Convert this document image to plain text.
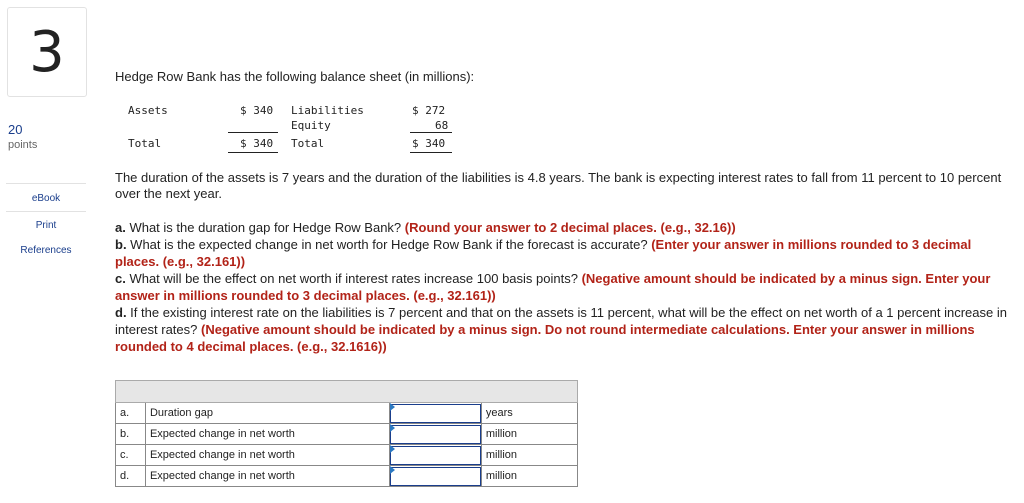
3
20
points
eBook
Print
References
Hedge Row Bank has the following balance sheet (in millions):
Assets	$ 340 Liabilities	$ 272
Equity	68
Total	$ 340 Total	$ 340
The duration of the assets is 7 years and the duration of the liabilities is 4.8 years. The bank is expecting interest rates to fall from 11 percent to 10 percent over the next year.
a. What is the duration gap for Hedge Row Bank? (Round your answer to 2 decimal places. (e.g., 32.16))
b. What is the expected change in net worth for Hedge Row Bank if the forecast is accurate? (Enter your answer in millions rounded to 3 decimal places. (e.g., 32.161))
c. What will be the effect on net worth if interest rates increase 100 basis points? (Negative amount should be indicated by a minus sign. Enter your answer in millions rounded to 3 decimal places. (e.g., 32.161))
d. If the existing interest rate on the liabilities is 7 percent and that on the assets is 11 percent, what will be the effect on net worth of a 1 percent increase in interest rates? (Negative amount should be indicated by a minus sign. Do not round intermediate calculations. Enter your answer in millions rounded to 4 decimal places. (e.g., 32.1616))

a.	Duration gap		years
b.	Expected change in net worth		million
c.	Expected change in net worth		million
d.	Expected change in net worth		million
